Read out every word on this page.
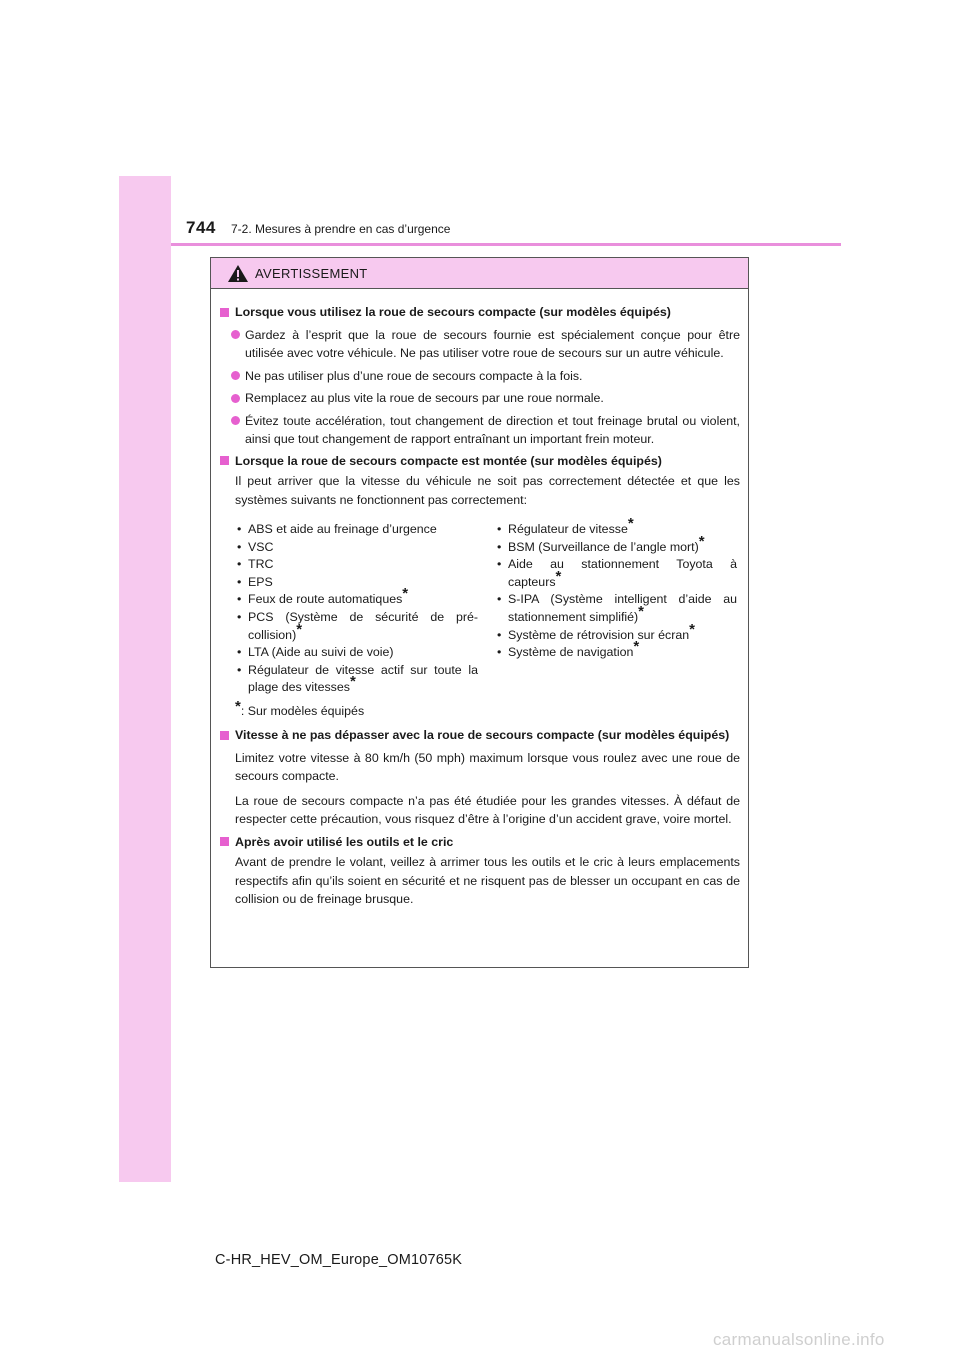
744 7-2. Mesures à prendre en cas d’urgence
AVERTISSEMENT
Lorsque vous utilisez la roue de secours compacte (sur modèles équipés)
Gardez à l’esprit que la roue de secours fournie est spécialement conçue pour être utilisée avec votre véhicule. Ne pas utiliser votre roue de secours sur un autre véhicule.
Ne pas utiliser plus d’une roue de secours compacte à la fois.
Remplacez au plus vite la roue de secours par une roue normale.
Évitez toute accélération, tout changement de direction et tout freinage brutal ou violent, ainsi que tout changement de rapport entraînant un important frein moteur.
Lorsque la roue de secours compacte est montée (sur modèles équipés)
Il peut arriver que la vitesse du véhicule ne soit pas correctement détectée et que les systèmes suivants ne fonctionnent pas correctement:
• ABS et aide au freinage d’urgence
• VSC
• TRC
• EPS
• Feux de route automatiques*
• PCS (Système de sécurité de pré-collision)*
• LTA (Aide au suivi de voie)
• Régulateur de vitesse actif sur toute la plage des vitesses*
• Régulateur de vitesse*
• BSM (Surveillance de l’angle mort)*
• Aide au stationnement Toyota à capteurs*
• S-IPA (Système intelligent d’aide au stationnement simplifié)*
• Système de rétrovision sur écran*
• Système de navigation*
*: Sur modèles équipés
Vitesse à ne pas dépasser avec la roue de secours compacte (sur modèles équipés)
Limitez votre vitesse à 80 km/h (50 mph) maximum lorsque vous roulez avec une roue de secours compacte.
La roue de secours compacte n’a pas été étudiée pour les grandes vitesses. À défaut de respecter cette précaution, vous risquez d’être à l’origine d’un accident grave, voire mortel.
Après avoir utilisé les outils et le cric
Avant de prendre le volant, veillez à arrimer tous les outils et le cric à leurs emplacements respectifs afin qu’ils soient en sécurité et ne risquent pas de blesser un occupant en cas de collision ou de freinage brusque.
C-HR_HEV_OM_Europe_OM10765K
carmanualsonline.info
